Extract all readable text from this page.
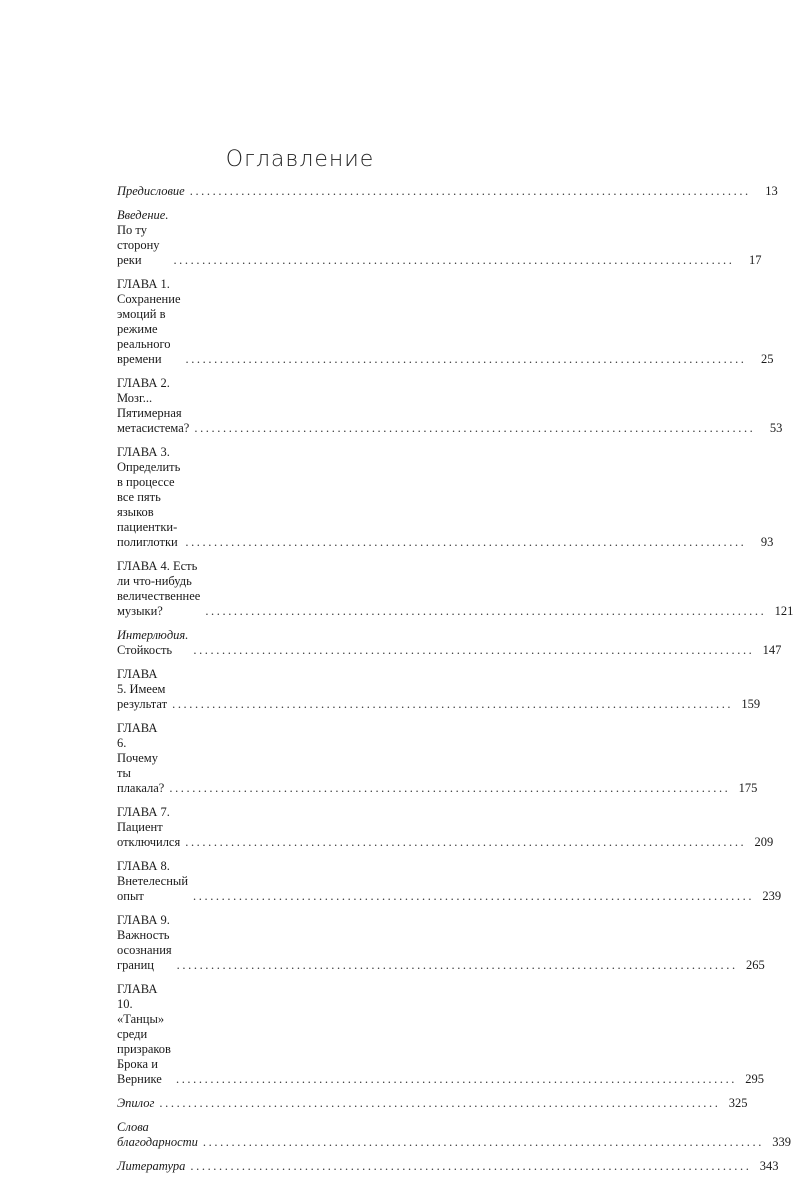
Оглавление
Предисловие ..................................................................................................	13
Введение. По ту сторону реки	..................................................................................................	17
ГЛАВА 1. Сохранение эмоций в режиме
реального времени	..................................................................................................	25
ГЛАВА 2. Мозг... Пятимерная метасистема? ..................................................................................................	53
ГЛАВА 3. Определить в процессе
все пять языков пациентки-полиглотки ..................................................................................................	93
ГЛАВА 4. Есть ли что-нибудь величественнее музыки?	.................................................................................................. 121
Интерлюдия. Стойкость	.................................................................................................. 147
ГЛАВА 5. Имеем результат .................................................................................................. 159
ГЛАВА 6. Почему ты плакала? .................................................................................................. 175
ГЛАВА 7. Пациент отключился .................................................................................................. 209
ГЛАВА 8. Внетелесный опыт	.................................................................................................. 239
ГЛАВА 9. Важность осознания границ	.................................................................................................. 265
ГЛАВА 10. «Танцы» среди призраков Брока и Вернике	.................................................................................................. 295
Эпилог .................................................................................................. 325
Слова благодарности .................................................................................................. 339
Литература .................................................................................................. 343
